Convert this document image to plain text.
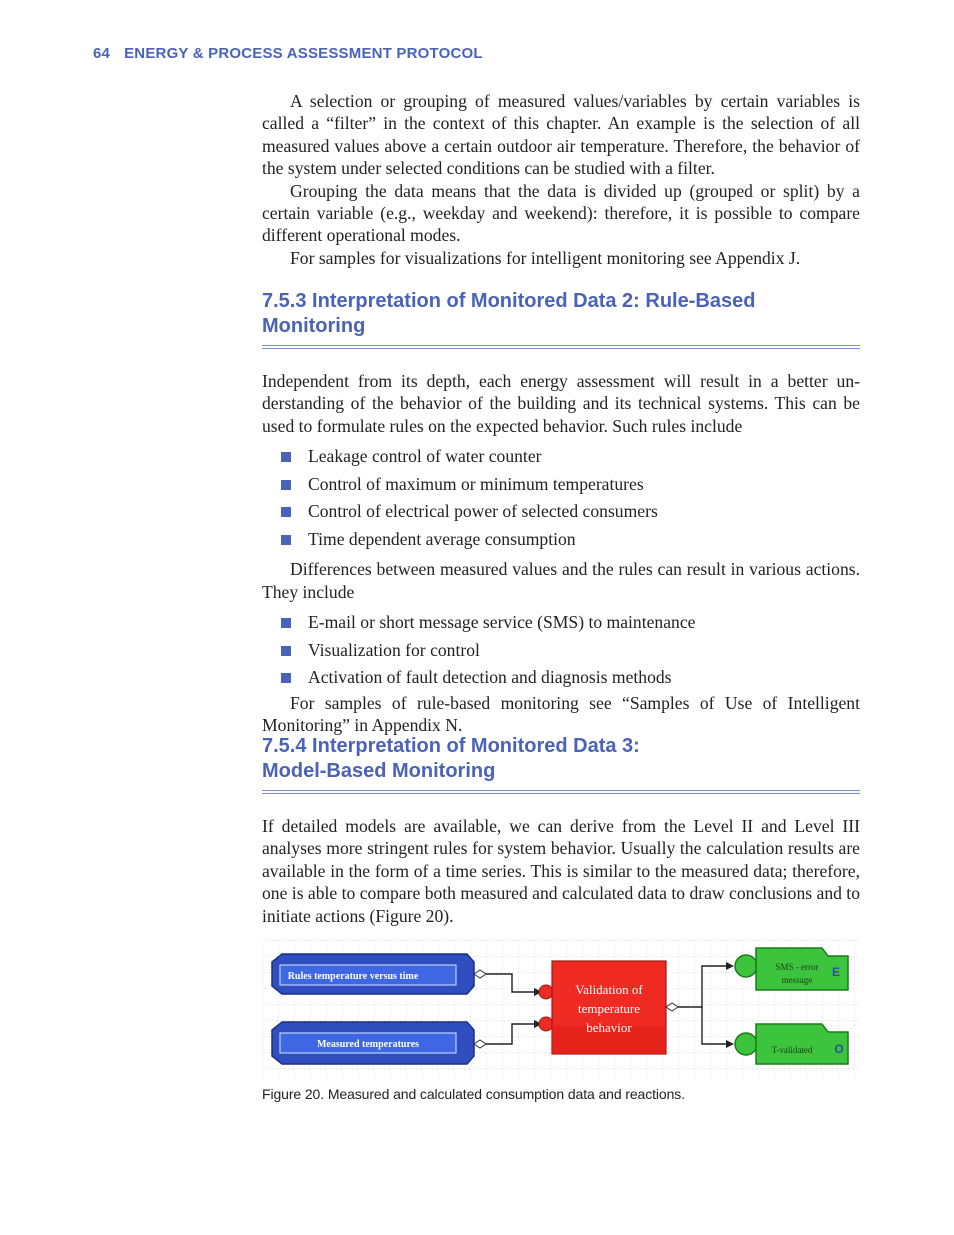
64 ENERGY & PROCESS ASSESSMENT PROTOCOL

A selection or grouping of measured values/variables by certain variables is called a “filter” in the context of this chapter. An example is the selection of all measured values above a certain outdoor air temperature. Therefore, the behavior of the system under selected conditions can be studied with a filter.

Grouping the data means that the data is divided up (grouped or split) by a certain variable (e.g., weekday and weekend): therefore, it is possible to compare different operational modes.

For samples for visualizations for intelligent monitoring see Appendix J.

7.5.3 Interpretation of Monitored Data 2: Rule-Based Monitoring

Independent from its depth, each energy assessment will result in a better understanding of the behavior of the building and its technical systems. This can be used to formulate rules on the expected behavior. Such rules include

Leakage control of water counter
Control of maximum or minimum temperatures
Control of electrical power of selected consumers
Time dependent average consumption

Differences between measured values and the rules can result in various actions. They include

E-mail or short message service (SMS) to maintenance
Visualization for control
Activation of fault detection and diagnosis methods

For samples of rule-based monitoring see “Samples of Use of Intelligent Monitoring” in Appendix N.

7.5.4 Interpretation of Monitored Data 3:
Model-Based Monitoring

If detailed models are available, we can derive from the Level II and Level III analyses more stringent rules for system behavior. Usually the calculation results are available in the form of a time series. This is similar to the measured data; therefore, one is able to compare both measured and calculated data to draw conclusions and to initiate actions (Figure 20).

Rules temperature versus time
Measured temperatures
Validation of
temperature
behavior
SMS - error
message
E
T-validated O
Figure 20. Measured and calculated consumption data and reactions.
